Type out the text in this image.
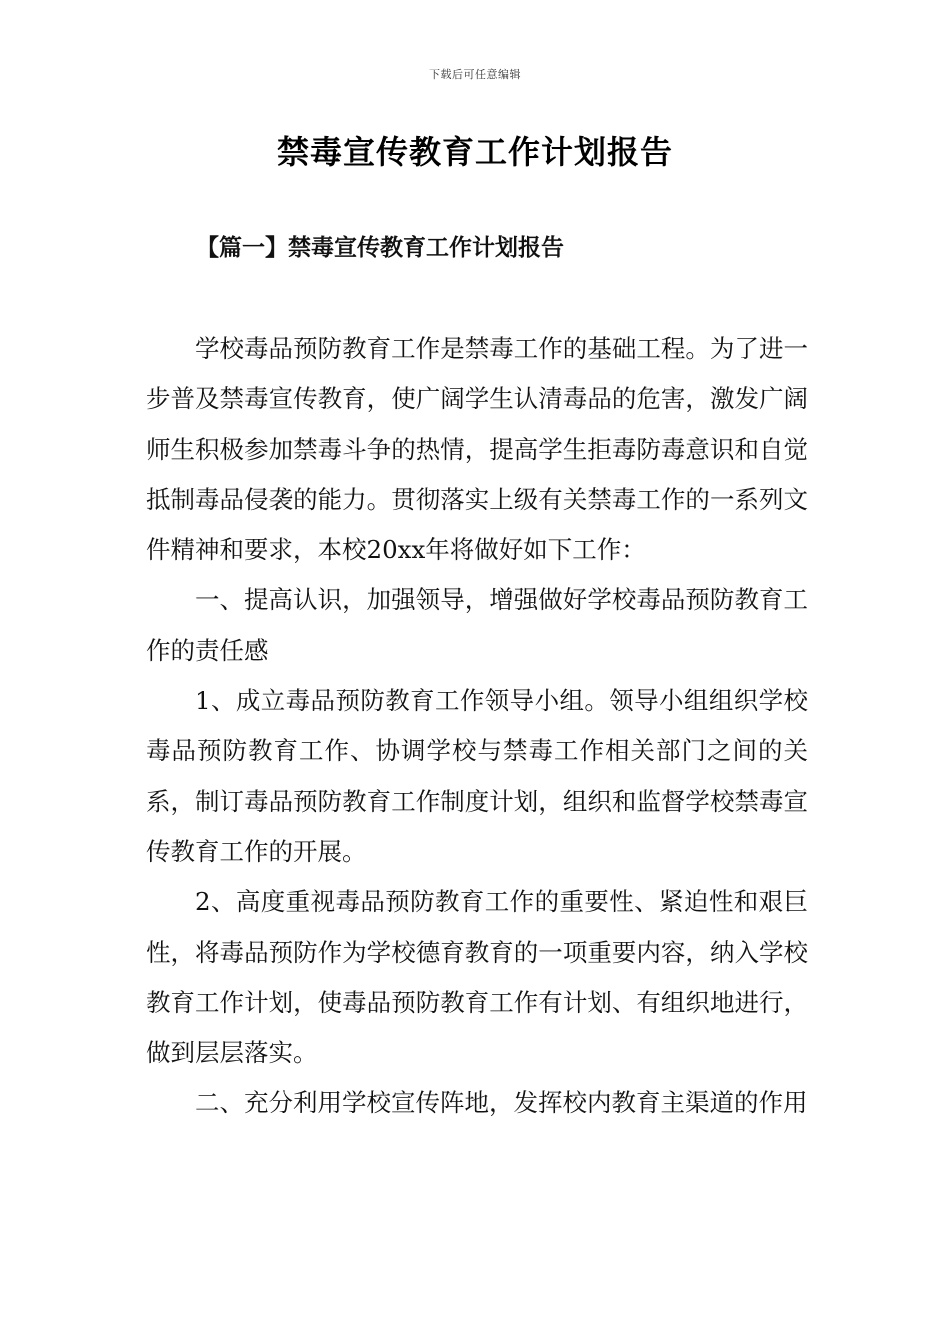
下载后可任意编辑
禁毒宣传教育工作计划报告
【篇一】禁毒宣传教育工作计划报告

学校毒品预防教育工作是禁毒工作的基础工程。为了进一步普及禁毒宣传教育，使广阔学生认清毒品的危害，激发广阔师生积极参加禁毒斗争的热情，提高学生拒毒防毒意识和自觉抵制毒品侵袭的能力。贯彻落实上级有关禁毒工作的一系列文件精神和要求，本校20xx年将做好如下工作：

一、提高认识，加强领导，增强做好学校毒品预防教育工作的责任感

1、成立毒品预防教育工作领导小组。领导小组组织学校毒品预防教育工作、协调学校与禁毒工作相关部门之间的关系，制订毒品预防教育工作制度计划，组织和监督学校禁毒宣传教育工作的开展。

2、高度重视毒品预防教育工作的重要性、紧迫性和艰巨性，将毒品预防作为学校德育教育的一项重要内容，纳入学校教育工作计划，使毒品预防教育工作有计划、有组织地进行，做到层层落实。

二、充分利用学校宣传阵地，发挥校内教育主渠道的作用
